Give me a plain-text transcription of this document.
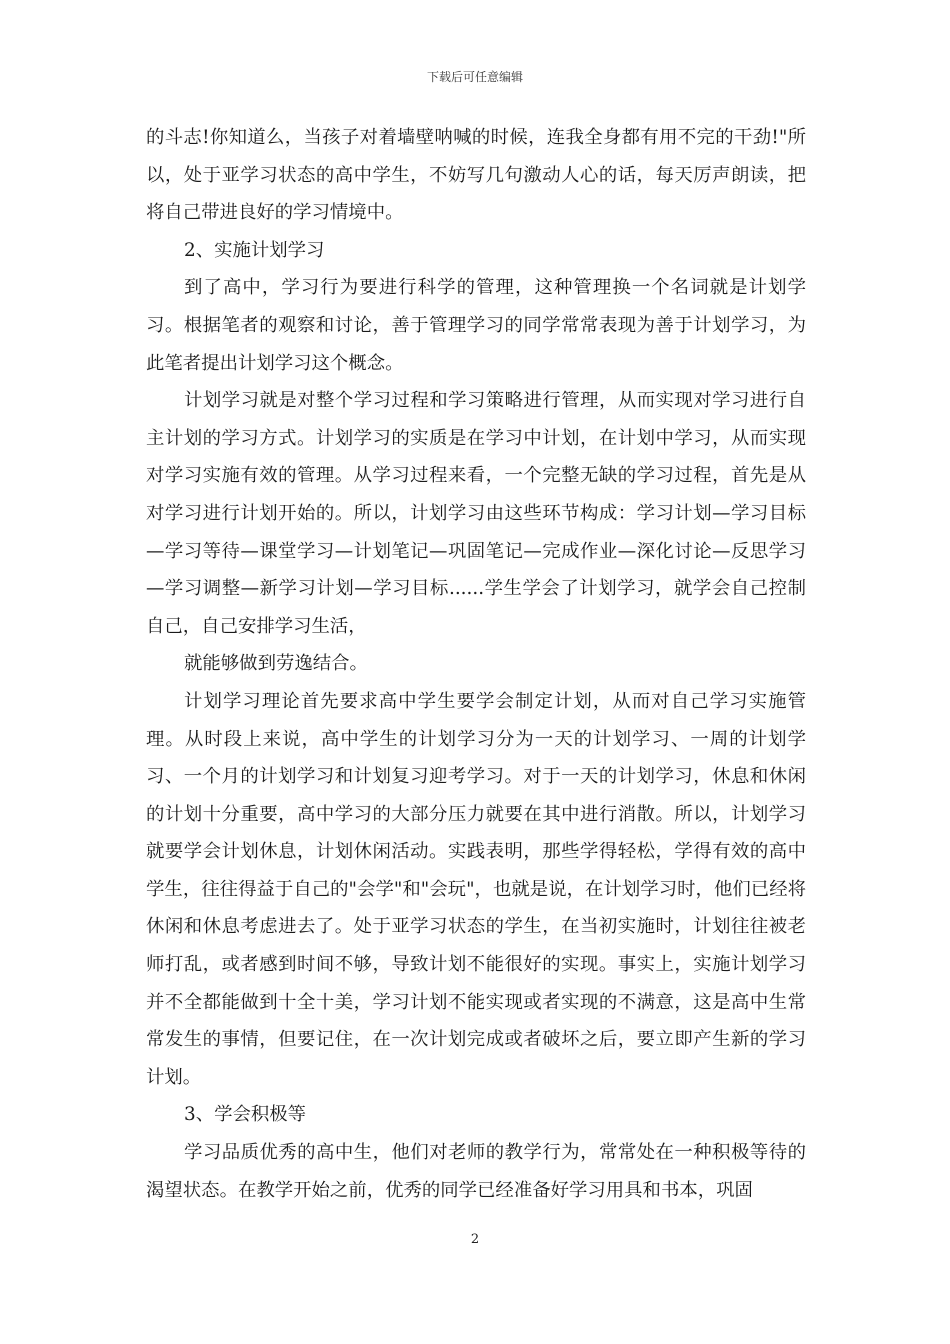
下载后可任意编辑

的斗志!你知道么，当孩子对着墙壁呐喊的时候，连我全身都有用不完的干劲!"所以，处于亚学习状态的高中学生，不妨写几句激动人心的话，每天厉声朗读，把将自己带进良好的学习情境中。

2、实施计划学习

到了高中，学习行为要进行科学的管理，这种管理换一个名词就是计划学习。根据笔者的观察和讨论，善于管理学习的同学常常表现为善于计划学习，为此笔者提出计划学习这个概念。

计划学习就是对整个学习过程和学习策略进行管理，从而实现对学习进行自主计划的学习方式。计划学习的实质是在学习中计划，在计划中学习，从而实现对学习实施有效的管理。从学习过程来看，一个完整无缺的学习过程，首先是从对学习进行计划开始的。所以，计划学习由这些环节构成：学习计划—学习目标—学习等待—课堂学习—计划笔记—巩固笔记—完成作业—深化讨论—反思学习—学习调整—新学习计划—学习目标......学生学会了计划学习，就学会自己控制自己，自己安排学习生活，

就能够做到劳逸结合。

计划学习理论首先要求高中学生要学会制定计划，从而对自己学习实施管理。从时段上来说，高中学生的计划学习分为一天的计划学习、一周的计划学习、一个月的计划学习和计划复习迎考学习。对于一天的计划学习，休息和休闲的计划十分重要，高中学习的大部分压力就要在其中进行消散。所以，计划学习就要学会计划休息，计划休闲活动。实践表明，那些学得轻松，学得有效的高中学生，往往得益于自己的"会学"和"会玩"，也就是说，在计划学习时，他们已经将休闲和休息考虑进去了。处于亚学习状态的学生，在当初实施时，计划往往被老师打乱，或者感到时间不够，导致计划不能很好的实现。事实上，实施计划学习并不全都能做到十全十美，学习计划不能实现或者实现的不满意，这是高中生常常发生的事情，但要记住，在一次计划完成或者破坏之后，要立即产生新的学习计划。

3、学会积极等

学习品质优秀的高中生，他们对老师的教学行为，常常处在一种积极等待的渴望状态。在教学开始之前，优秀的同学已经准备好学习用具和书本，巩固

2
